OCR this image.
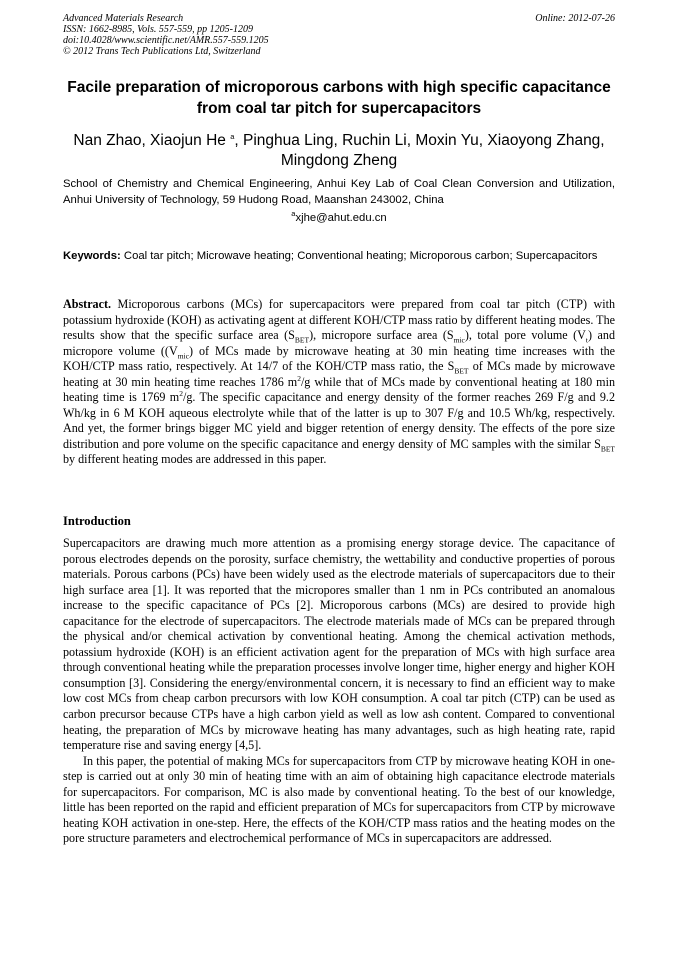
Advanced Materials Research
ISSN: 1662-8985, Vols. 557-559, pp 1205-1209
doi:10.4028/www.scientific.net/AMR.557-559.1205
© 2012 Trans Tech Publications Ltd, Switzerland
Online: 2012-07-26
Facile preparation of microporous carbons with high specific capacitance from coal tar pitch for supercapacitors
Nan Zhao, Xiaojun He $^a$, Pinghua Ling, Ruchin Li, Moxin Yu, Xiaoyong Zhang, Mingdong Zheng
School of Chemistry and Chemical Engineering, Anhui Key Lab of Coal Clean Conversion and Utilization, Anhui University of Technology, 59 Hudong Road, Maanshan 243002, China
$^a$xjhe@ahut.edu.cn
Keywords: Coal tar pitch; Microwave heating; Conventional heating; Microporous carbon; Supercapacitors
Abstract. Microporous carbons (MCs) for supercapacitors were prepared from coal tar pitch (CTP) with potassium hydroxide (KOH) as activating agent at different KOH/CTP mass ratio by different heating modes. The results show that the specific surface area $(S_{BET})$, micropore surface area $(S_{mic})$, total pore volume $(V_t)$ and micropore volume ($(V_{mic})$ of MCs made by microwave heating at 30 min heating time increases with the KOH/CTP mass ratio, respectively. At 14/7 of the KOH/CTP mass ratio, the $S_{BET}$ of MCs made by microwave heating at 30 min heating time reaches 1786 $m^2/g$ while that of MCs made by conventional heating at 180 min heating time is 1769 $m^2/g$. The specific capacitance and energy density of the former reaches 269 F/g and 9.2 Wh/kg in 6 M KOH aqueous electrolyte while that of the latter is up to 307 F/g and 10.5 Wh/kg, respectively. And yet, the former brings bigger MC yield and bigger retention of energy density. The effects of the pore size distribution and pore volume on the specific capacitance and energy density of MC samples with the similar $S_{BET}$ by different heating modes are addressed in this paper.
Introduction

Supercapacitors are drawing much more attention as a promising energy storage device. The capacitance of porous electrodes depends on the porosity, surface chemistry, the wettability and conductive properties of porous materials. Porous carbons (PCs) have been widely used as the electrode materials of supercapacitors due to their high surface area [1]. It was reported that the micropores smaller than 1 nm in PCs contributed an anomalous increase to the specific capacitance of PCs [2]. Microporous carbons (MCs) are desired to provide high capacitance for the electrode of supercapacitors. The electrode materials made of MCs can be prepared through the physical and/or chemical activation by conventional heating. Among the chemical activation methods, potassium hydroxide (KOH) is an efficient activation agent for the preparation of MCs with high surface area through conventional heating while the preparation processes involve longer time, higher energy and higher KOH consumption [3]. Considering the energy/environmental concern, it is necessary to find an efficient way to make low cost MCs from cheap carbon precursors with low KOH consumption. A coal tar pitch (CTP) can be used as carbon precursor because CTPs have a high carbon yield as well as low ash content. Compared to conventional heating, the preparation of MCs by microwave heating has many advantages, such as high heating rate, rapid temperature rise and saving energy [4,5].

In this paper, the potential of making MCs for supercapacitors from CTP by microwave heating KOH in one-step is carried out at only 30 min of heating time with an aim of obtaining high capacitance electrode materials for supercapacitors. For comparison, MC is also made by conventional heating. To the best of our knowledge, little has been reported on the rapid and efficient preparation of MCs for supercapacitors from CTP by microwave heating KOH activation in one-step. Here, the effects of the KOH/CTP mass ratios and the heating modes on the pore structure parameters and electrochemical performance of MCs in supercapacitors are addressed.
